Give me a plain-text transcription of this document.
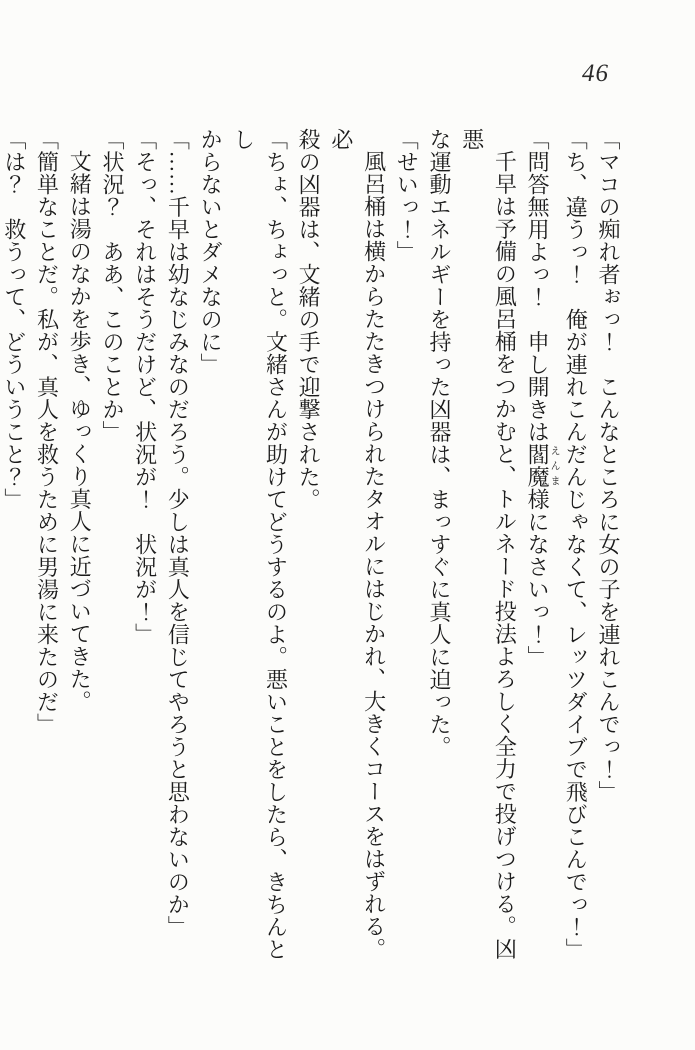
46
「マコの痴れ者ぉっ！　こんなところに女の子を連れこんでっ！」
「ち、違うっ！　俺が連れこんだんじゃなくて、レッツダイブで飛びこんでっ！」
「問答無用よっ！　申し開きは閻魔えんま様になさいっ！」
千早は予備の風呂桶をつかむと、トルネード投法よろしく全力で投げつける。凶悪
な運動エネルギーを持った凶器は、まっすぐに真人に迫った。
「せいっ！」
風呂桶は横からたたきつけられたタオルにはじかれ、大きくコースをはずれる。必
殺の凶器は、文緒の手で迎撃された。
「ちょ、ちょっと。文緒さんが助けてどうするのよ。悪いことをしたら、きちんとし
からないとダメなのに」
「……千早は幼なじみなのだろう。少しは真人を信じてやろうと思わないのか」
「そっ、それはそうだけど、状況が！　状況が！」
「状況？　ああ、このことか」
文緒は湯のなかを歩き、ゆっくり真人に近づいてきた。
「簡単なことだ。私が、真人を救うために男湯に来たのだ」
「は？　救うって、どういうこと？」
